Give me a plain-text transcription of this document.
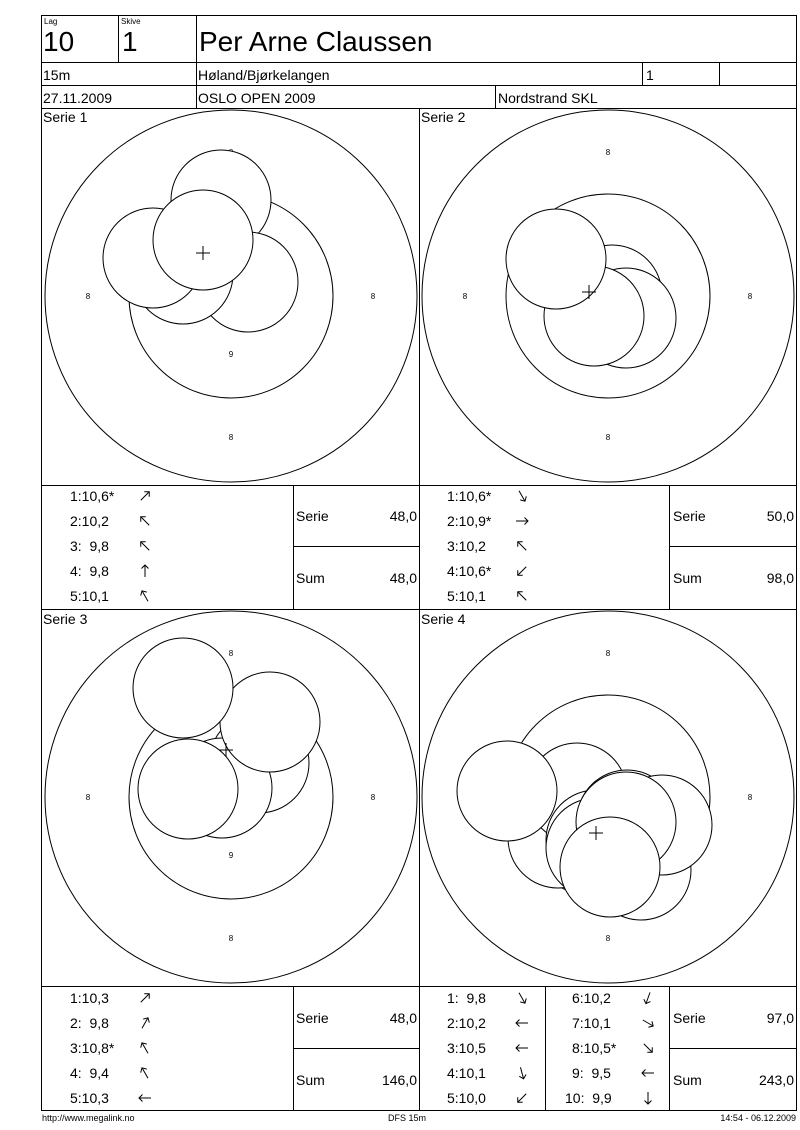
Lag
10
Skive
1 Per Arne Claussen
15m	Høland/Bjørkelangen	1
27.11.2009	OSLO OPEN 2009	Nordstrand SKL
Serie 1	Serie 2
Serie 3	Serie 4
8
8	8
9
8
8
8	8
8
8
8	8
9
8
8
8
1:10,6*
2:10,2
3:  9,8
4:  9,8
5:10,1
1:10,6*
2:10,9*
3:10,2
4:10,6*
5:10,1
1:10,3
2:  9,8
3:10,8*
4:  9,4
5:10,3
1:  9,8
2:10,2
3:10,5
4:10,1
5:10,0
6:10,2
7:10,1
8:10,5*
9:  9,5
10:  9,9
Serie	48,0
Sum	48,0
Serie	50,0
Sum	98,0
Serie	48,0
Sum	146,0
Serie	97,0
Sum	243,0
http://www.megalink.no	DFS 15m	14:54 - 06.12.2009
